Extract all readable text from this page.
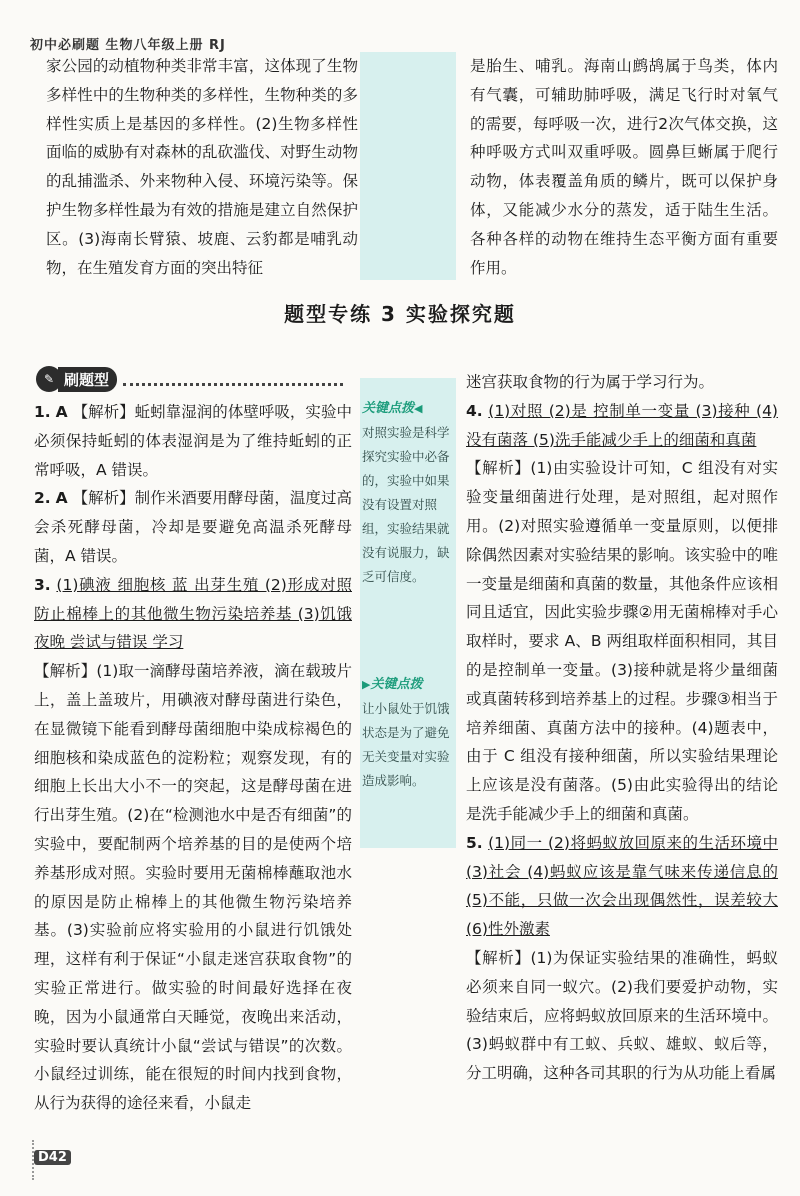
初中必刷题 生物八年级上册 RJ

家公园的动植物种类非常丰富，这体现了生物多样性中的生物种类的多样性，生物种类的多样性实质上是基因的多样性。(2)生物多样性面临的威胁有对森林的乱砍滥伐、对野生动物的乱捕滥杀、外来物种入侵、环境污染等。保护生物多样性最为有效的措施是建立自然保护区。(3)海南长臂猿、坡鹿、云豹都是哺乳动物，在生殖发育方面的突出特征

是胎生、哺乳。海南山鹧鸪属于鸟类，体内有气囊，可辅助肺呼吸，满足飞行时对氧气的需要，每呼吸一次，进行2次气体交换，这种呼吸方式叫双重呼吸。圆鼻巨蜥属于爬行动物，体表覆盖角质的鳞片，既可以保护身体，又能减少水分的蒸发，适于陆生生活。各种各样的动物在维持生态平衡方面有重要作用。

题型专练 3 实验探究题
✎ 刷题型

1. A 【解析】蚯蚓靠湿润的体壁呼吸，实验中必须保持蚯蚓的体表湿润是为了维持蚯蚓的正常呼吸，A 错误。

2. A 【解析】制作米酒要用酵母菌，温度过高会杀死酵母菌，冷却是要避免高温杀死酵母菌，A 错误。

3. (1)碘液 细胞核 蓝 出芽生殖 (2)形成对照 防止棉棒上的其他微生物污染培养基 (3)饥饿 夜晚 尝试与错误 学习
【解析】(1)取一滴酵母菌培养液，滴在载玻片上，盖上盖玻片，用碘液对酵母菌进行染色，在显微镜下能看到酵母菌细胞中染成棕褐色的细胞核和染成蓝色的淀粉粒；观察发现，有的细胞上长出大小不一的突起，这是酵母菌在进行出芽生殖。(2)在“检测池水中是否有细菌”的实验中，要配制两个培养基的目的是使两个培养基形成对照。实验时要用无菌棉棒蘸取池水的原因是防止棉棒上的其他微生物污染培养基。(3)实验前应将实验用的小鼠进行饥饿处理，这样有利于保证“小鼠走迷宫获取食物”的实验正常进行。做实验的时间最好选择在夜晚，因为小鼠通常白天睡觉，夜晚出来活动，实验时要认真统计小鼠“尝试与错误”的次数。小鼠经过训练，能在很短的时间内找到食物，从行为获得的途径来看，小鼠走

关键点拨◀
对照实验是科学探究实验中必备的，实验中如果没有设置对照组，实验结果就没有说服力，缺乏可信度。
▶关键点拨
让小鼠处于饥饿状态是为了避免无关变量对实验造成影响。

迷宫获取食物的行为属于学习行为。

4. (1)对照 (2)是 控制单一变量 (3)接种 (4)没有菌落 (5)洗手能减少手上的细菌和真菌
【解析】(1)由实验设计可知，C 组没有对实验变量细菌进行处理，是对照组，起对照作用。(2)对照实验遵循单一变量原则，以便排除偶然因素对实验结果的影响。该实验中的唯一变量是细菌和真菌的数量，其他条件应该相同且适宜，因此实验步骤②用无菌棉棒对手心取样时，要求 A、B 两组取样面积相同，其目的是控制单一变量。(3)接种就是将少量细菌或真菌转移到培养基上的过程。步骤③相当于培养细菌、真菌方法中的接种。(4)题表中，由于 C 组没有接种细菌，所以实验结果理论上应该是没有菌落。(5)由此实验得出的结论是洗手能减少手上的细菌和真菌。

5. (1)同一 (2)将蚂蚁放回原来的生活环境中 (3)社会 (4)蚂蚁应该是靠气味来传递信息的 (5)不能，只做一次会出现偶然性，误差较大 (6)性外激素
【解析】(1)为保证实验结果的准确性，蚂蚁必须来自同一蚁穴。(2)我们要爱护动物，实验结束后，应将蚂蚁放回原来的生活环境中。(3)蚂蚁群中有工蚁、兵蚁、雄蚁、蚁后等，分工明确，这种各司其职的行为从功能上看属

D42
